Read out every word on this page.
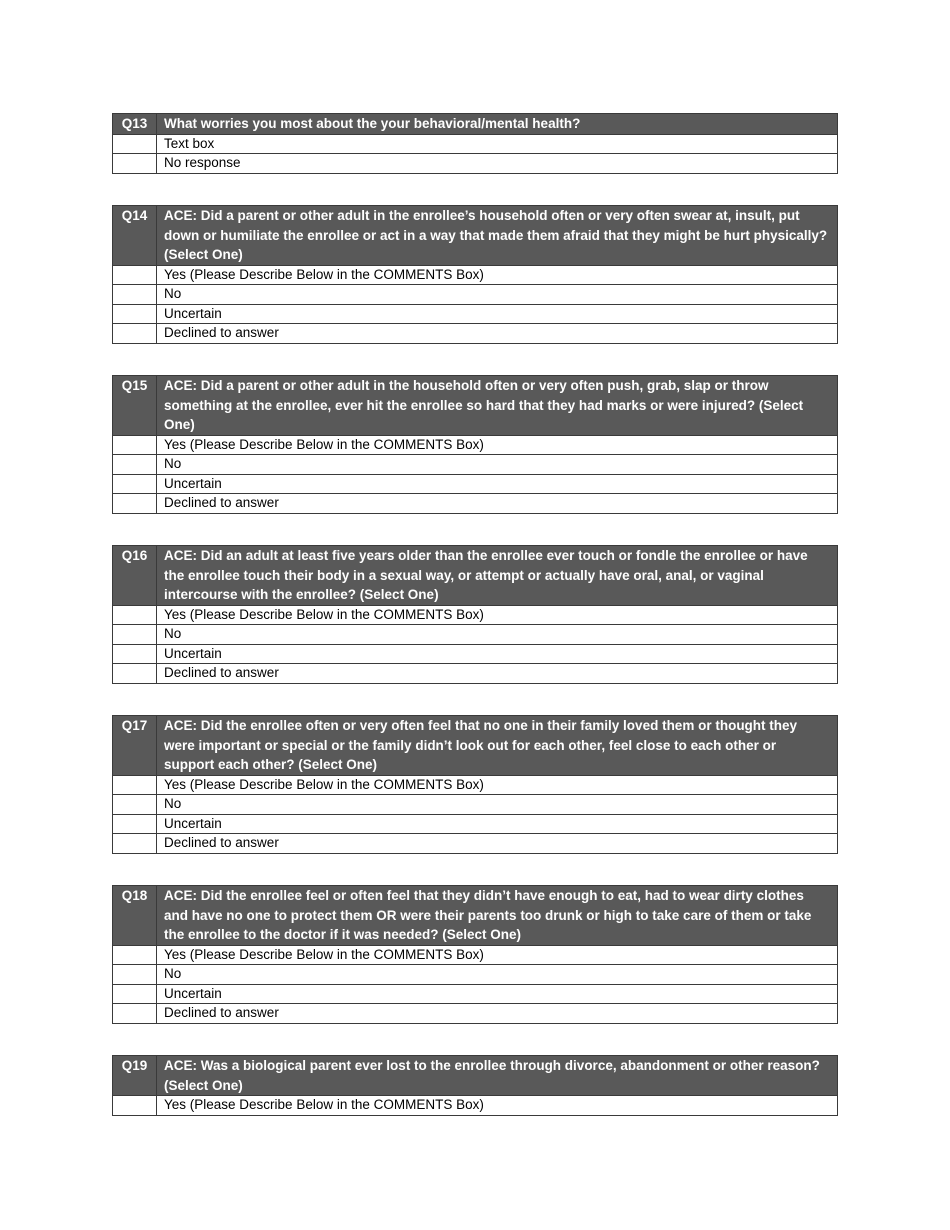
Q13	What worries you most about the your behavioral/mental health?
	Text box
	No response
Q14	ACE: Did a parent or other adult in the enrollee’s household often or very often swear at, insult, put down or humiliate the enrollee or act in a way that made them afraid that they might be hurt physically? (Select One)
	Yes (Please Describe Below in the COMMENTS Box)
	No
	Uncertain
	Declined to answer
Q15	ACE: Did a parent or other adult in the household often or very often push, grab, slap or throw something at the enrollee, ever hit the enrollee so hard that they had marks or were injured? (Select One)
	Yes (Please Describe Below in the COMMENTS Box)
	No
	Uncertain
	Declined to answer
Q16	ACE: Did an adult at least five years older than the enrollee ever touch or fondle the enrollee or have the enrollee touch their body in a sexual way, or attempt or actually have oral, anal, or vaginal intercourse with the enrollee? (Select One)
	Yes (Please Describe Below in the COMMENTS Box)
	No
	Uncertain
	Declined to answer
Q17	ACE: Did the enrollee often or very often feel that no one in their family loved them or thought they were important or special or the family didn’t look out for each other, feel close to each other or support each other? (Select One)
	Yes (Please Describe Below in the COMMENTS Box)
	No
	Uncertain
	Declined to answer
Q18	ACE: Did the enrollee feel or often feel that they didn’t have enough to eat, had to wear dirty clothes and have no one to protect them OR were their parents too drunk or high to take care of them or take the enrollee to the doctor if it was needed? (Select One)
	Yes (Please Describe Below in the COMMENTS Box)
	No
	Uncertain
	Declined to answer
Q19	ACE: Was a biological parent ever lost to the enrollee through divorce, abandonment or other reason? (Select One)
	Yes (Please Describe Below in the COMMENTS Box)
